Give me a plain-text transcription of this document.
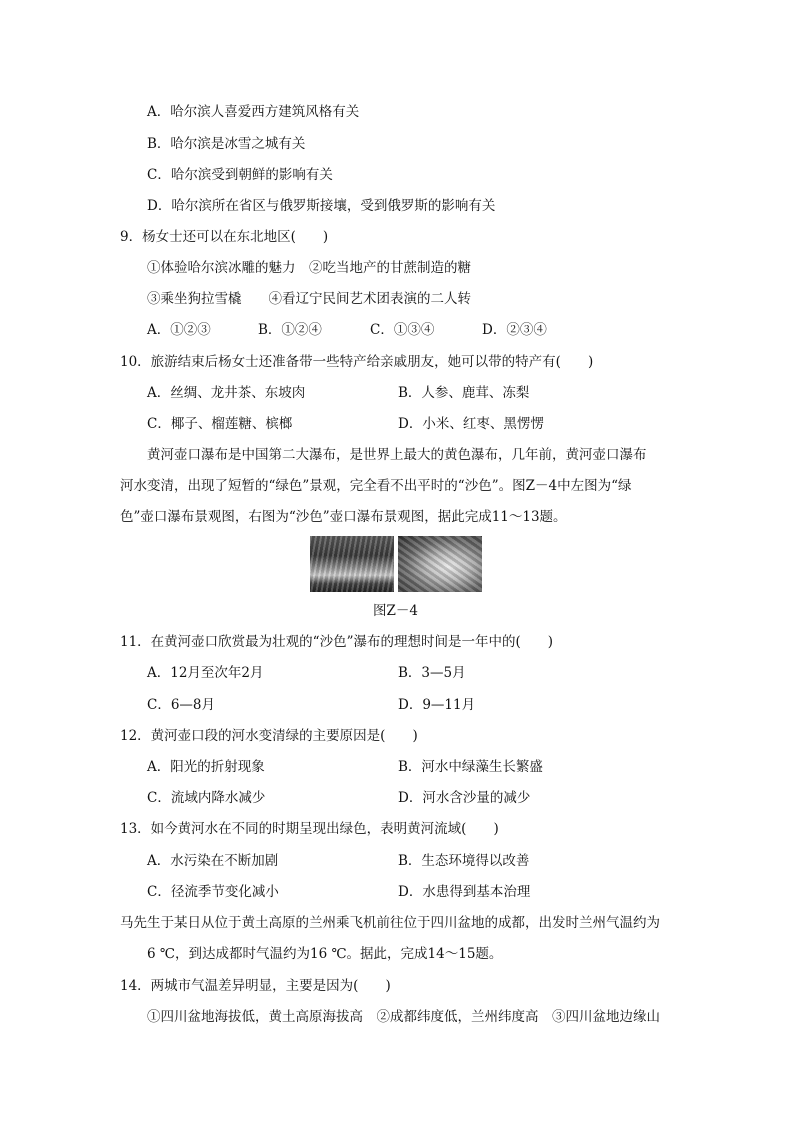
A．哈尔滨人喜爱西方建筑风格有关
B．哈尔滨是冰雪之城有关
C．哈尔滨受到朝鲜的影响有关
D．哈尔滨所在省区与俄罗斯接壤，受到俄罗斯的影响有关
9．杨女士还可以在东北地区(　　)
①体验哈尔滨冰雕的魅力　②吃当地产的甘蔗制造的糖
③乘坐狗拉雪橇　　④看辽宁民间艺术团表演的二人转
A．①②③	B．①②④	C．①③④	D．②③④
10．旅游结束后杨女士还准备带一些特产给亲戚朋友，她可以带的特产有(　　)
A．丝绸、龙井茶、东坡肉	B．人参、鹿茸、冻梨
C．椰子、榴莲糖、槟榔	D．小米、红枣、黑愣愣
黄河壶口瀑布是中国第二大瀑布，是世界上最大的黄色瀑布，几年前，黄河壶口瀑布
河水变清，出现了短暂的“绿色”景观，完全看不出平时的“沙色”。图Z－4中左图为“绿
色”壶口瀑布景观图，右图为“沙色”壶口瀑布景观图，据此完成11～13题。
图Z－4
11．在黄河壶口欣赏最为壮观的“沙色”瀑布的理想时间是一年中的(　　)
A．12月至次年2月	B．3—5月
C．6—8月	D．9—11月
12．黄河壶口段的河水变清绿的主要原因是(　　)
A．阳光的折射现象	B．河水中绿藻生长繁盛
C．流域内降水减少	D．河水含沙量的减少
13．如今黄河水在不同的时期呈现出绿色，表明黄河流域(　　)
A．水污染在不断加剧	B．生态环境得以改善
C．径流季节变化减小	D．水患得到基本治理
马先生于某日从位于黄土高原的兰州乘飞机前往位于四川盆地的成都，出发时兰州气温约为
6 ℃，到达成都时气温约为16 ℃。据此，完成14～15题。
14．两城市气温差异明显，主要是因为(　　)
①四川盆地海拔低，黄土高原海拔高　②成都纬度低，兰州纬度高　③四川盆地边缘山
